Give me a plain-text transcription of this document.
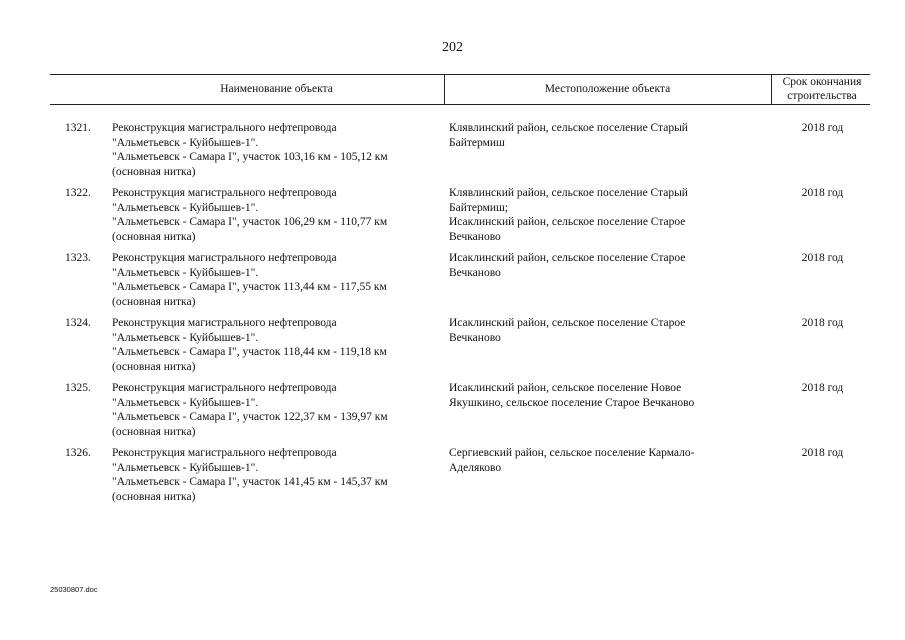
202
Наименование объекта	Местоположение объекта
Срок окончания
строительства
1321. Реконструкция магистрального нефтепровода
"Альметьевск - Куйбышев-1".
"Альметьевск - Самара I", участок 103,16 км - 105,12 км
(основная нитка)
Клявлинский район, сельское поселение Старый
Байтермиш
2018 год
1322. Реконструкция магистрального нефтепровода
"Альметьевск - Куйбышев-1".
"Альметьевск - Самара I", участок 106,29 км - 110,77 км
(основная нитка)
Клявлинский район, сельское поселение Старый
Байтермиш;
Исаклинский район, сельское поселение Старое
Вечканово
2018 год
1323. Реконструкция магистрального нефтепровода
"Альметьевск - Куйбышев-1".
"Альметьевск - Самара I", участок 113,44 км - 117,55 км
(основная нитка)
Исаклинский район, сельское поселение Старое
Вечканово
2018 год
1324. Реконструкция магистрального нефтепровода
"Альметьевск - Куйбышев-1".
"Альметьевск - Самара I", участок 118,44 км - 119,18 км
(основная нитка)
Исаклинский район, сельское поселение Старое
Вечканово
2018 год
1325. Реконструкция магистрального нефтепровода
"Альметьевск - Куйбышев-1".
"Альметьевск - Самара I", участок 122,37 км - 139,97 км
(основная нитка)
Исаклинский район, сельское поселение Новое
Якушкино, сельское поселение Старое Вечканово
2018 год
1326. Реконструкция магистрального нефтепровода
"Альметьевск - Куйбышев-1".
"Альметьевск - Самара I", участок 141,45 км - 145,37 км
(основная нитка)
Сергиевский район, сельское поселение Кармало-
Аделяково
2018 год
25030807.doc
